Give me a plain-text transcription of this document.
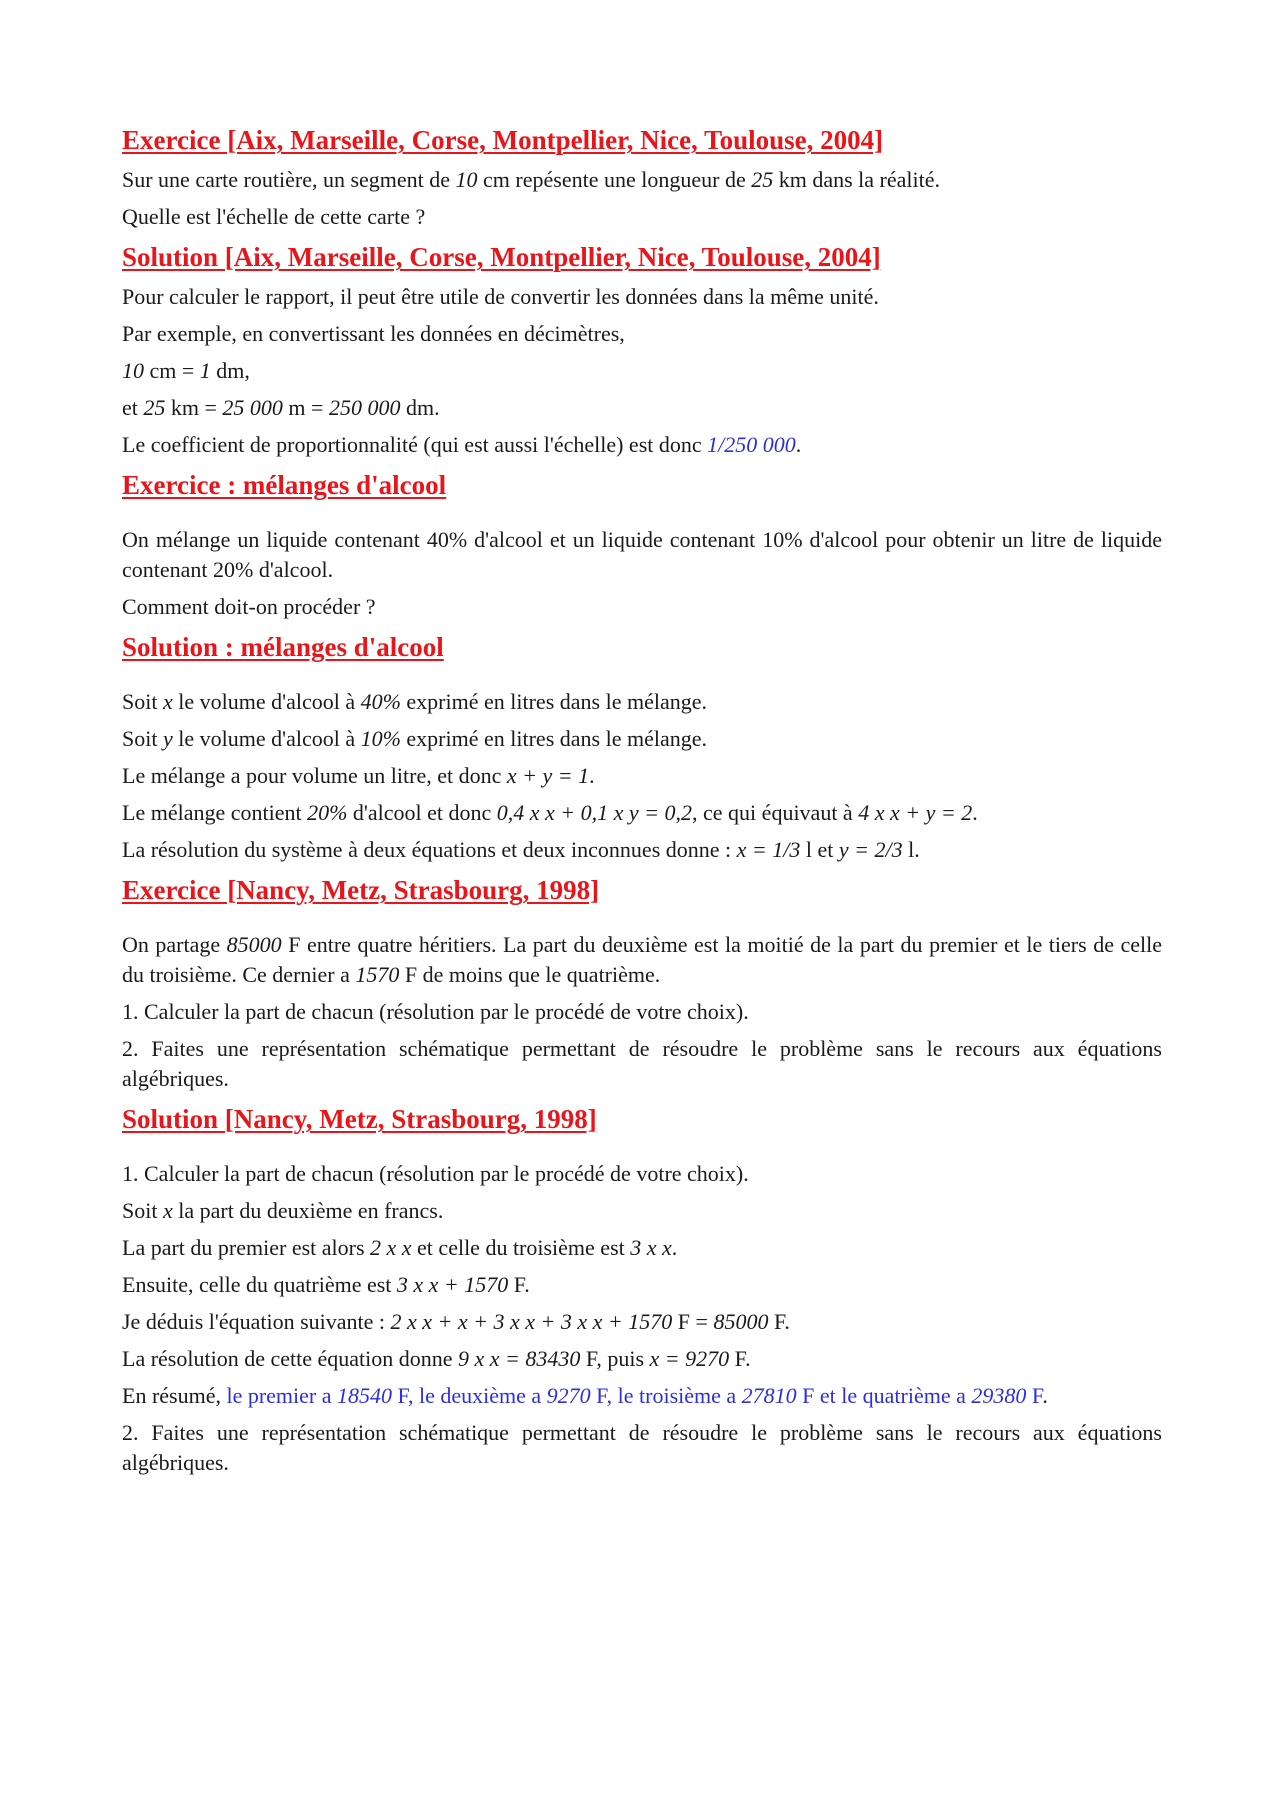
Exercice [Aix, Marseille, Corse, Montpellier, Nice, Toulouse, 2004]

Sur une carte routière, un segment de 10 cm repésente une longueur de 25 km dans la réalité.

Quelle est l'échelle de cette carte ?

Solution [Aix, Marseille, Corse, Montpellier, Nice, Toulouse, 2004]

Pour calculer le rapport, il peut être utile de convertir les données dans la même unité.

Par exemple, en convertissant les données en décimètres,

10 cm = 1 dm,

et 25 km = 25 000 m = 250 000 dm.

Le coefficient de proportionnalité (qui est aussi l'échelle) est donc 1/250 000.

Exercice : mélanges d'alcool

On mélange un liquide contenant 40% d'alcool et un liquide contenant 10% d'alcool pour obtenir un litre de liquide contenant 20% d'alcool.

Comment doit-on procéder ?

Solution : mélanges d'alcool

Soit x le volume d'alcool à 40% exprimé en litres dans le mélange.

Soit y le volume d'alcool à 10% exprimé en litres dans le mélange.

Le mélange a pour volume un litre, et donc x + y = 1.

Le mélange contient 20% d'alcool et donc 0,4 x x + 0,1 x y = 0,2, ce qui équivaut à 4 x x + y = 2.

La résolution du système à deux équations et deux inconnues donne : x = 1/3 l et y = 2/3 l.

Exercice [Nancy, Metz, Strasbourg, 1998]

On partage 85000 F entre quatre héritiers. La part du deuxième est la moitié de la part du premier et le tiers de celle du troisième. Ce dernier a 1570 F de moins que le quatrième.

1. Calculer la part de chacun (résolution par le procédé de votre choix).

2. Faites une représentation schématique permettant de résoudre le problème sans le recours aux équations algébriques.

Solution [Nancy, Metz, Strasbourg, 1998]

1. Calculer la part de chacun (résolution par le procédé de votre choix).

Soit x la part du deuxième en francs.

La part du premier est alors 2 x x et celle du troisième est 3 x x.

Ensuite, celle du quatrième est 3 x x + 1570 F.

Je déduis l'équation suivante : 2 x x + x + 3 x x + 3 x x + 1570 F = 85000 F.

La résolution de cette équation donne 9 x x = 83430 F, puis x = 9270 F.

En résumé, le premier a 18540 F, le deuxième a 9270 F, le troisième a 27810 F et le quatrième a 29380 F.

2. Faites une représentation schématique permettant de résoudre le problème sans le recours aux équations algébriques.
